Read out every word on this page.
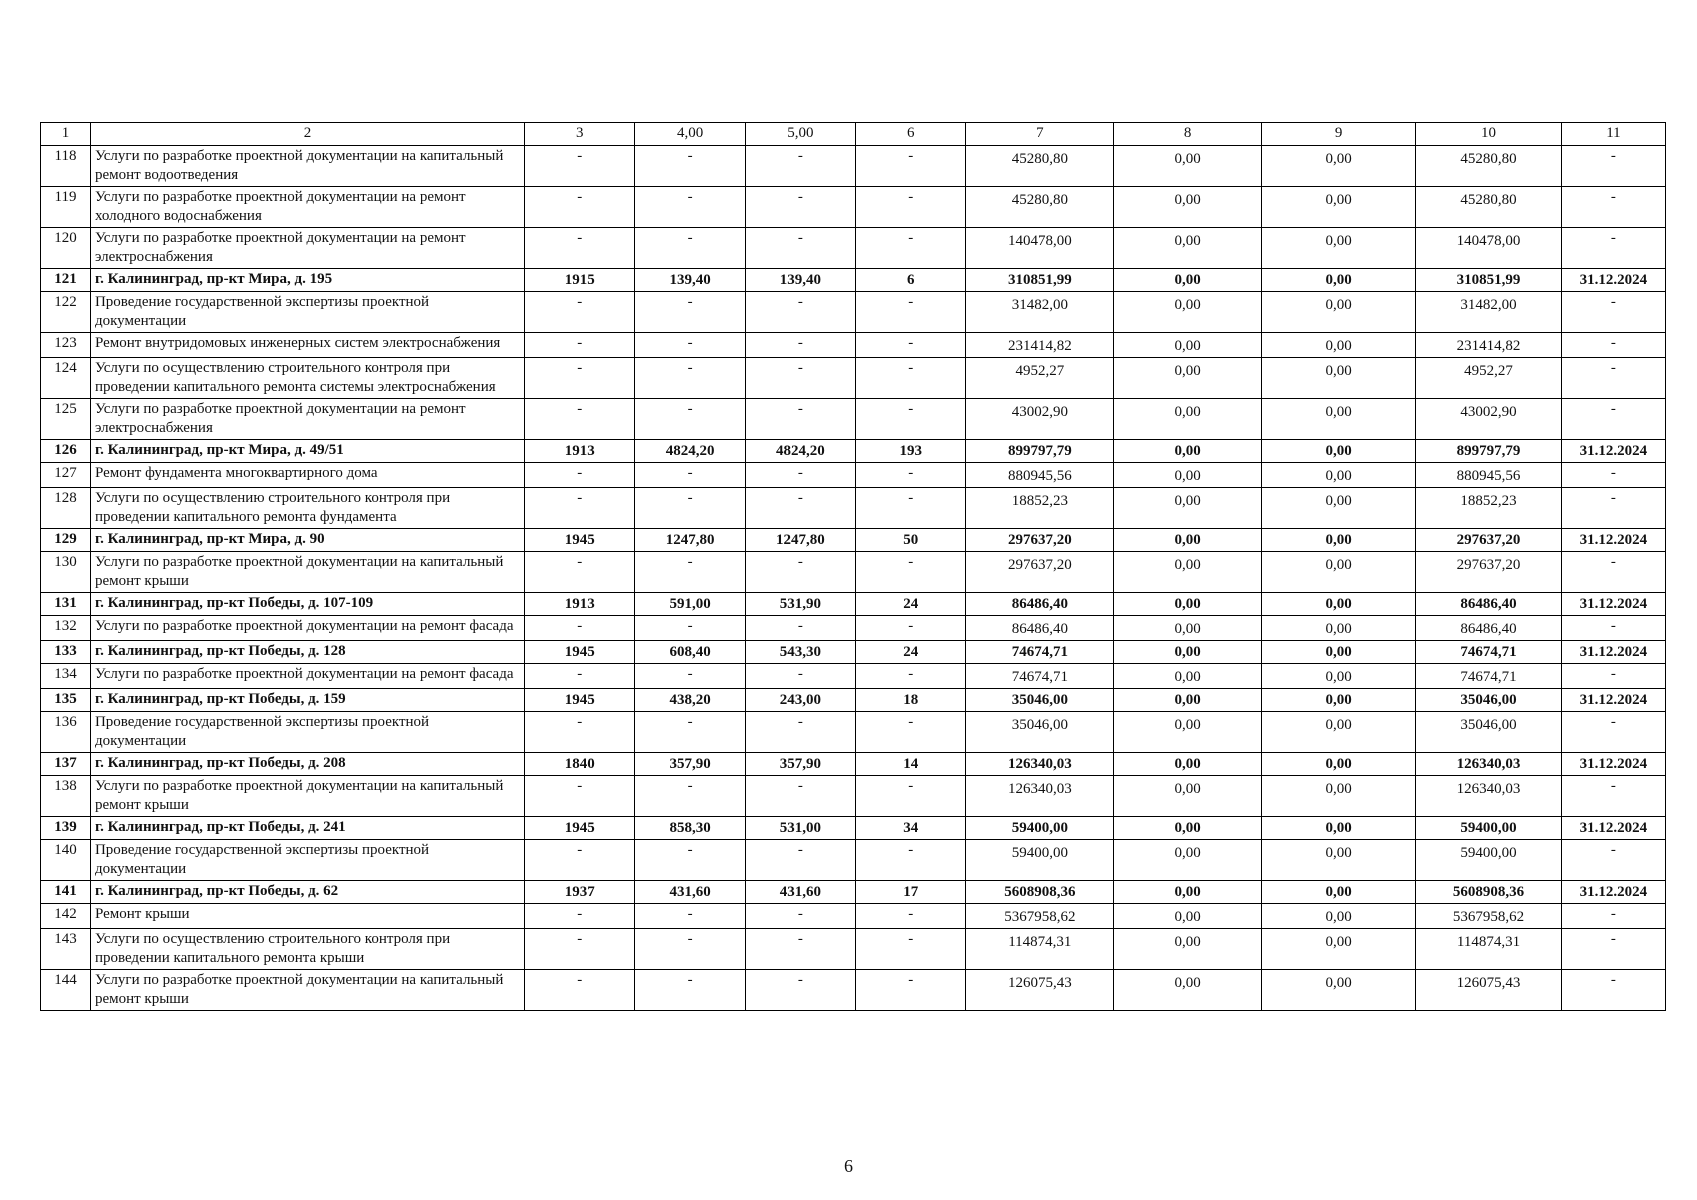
1	2	3	4,00	5,00	6	7	8	9	10	11
118	Услуги по разработке проектной документации на капитальный ремонт водоотведения	-	-	-	-	45280,80	0,00	0,00	45280,80	-
119	Услуги по разработке проектной документации на ремонт холодного водоснабжения	-	-	-	-	45280,80	0,00	0,00	45280,80	-
120	Услуги по разработке проектной документации на ремонт электроснабжения	-	-	-	-	140478,00	0,00	0,00	140478,00	-
121	г. Калининград, пр-кт Мира, д. 195	1915	139,40	139,40	6	310851,99	0,00	0,00	310851,99	31.12.2024
122	Проведение государственной экспертизы проектной документации	-	-	-	-	31482,00	0,00	0,00	31482,00	-
123	Ремонт внутридомовых инженерных систем электроснабжения	-	-	-	-	231414,82	0,00	0,00	231414,82	-
124	Услуги по осуществлению строительного контроля при проведении капитального ремонта системы электроснабжения	-	-	-	-	4952,27	0,00	0,00	4952,27	-
125	Услуги по разработке проектной документации на ремонт электроснабжения	-	-	-	-	43002,90	0,00	0,00	43002,90	-
126	г. Калининград, пр-кт Мира, д. 49/51	1913	4824,20	4824,20	193	899797,79	0,00	0,00	899797,79	31.12.2024
127	Ремонт фундамента многоквартирного дома	-	-	-	-	880945,56	0,00	0,00	880945,56	-
128	Услуги по осуществлению строительного контроля при проведении капитального ремонта фундамента	-	-	-	-	18852,23	0,00	0,00	18852,23	-
129	г. Калининград, пр-кт Мира, д. 90	1945	1247,80	1247,80	50	297637,20	0,00	0,00	297637,20	31.12.2024
130	Услуги по разработке проектной документации на капитальный ремонт крыши	-	-	-	-	297637,20	0,00	0,00	297637,20	-
131	г. Калининград, пр-кт Победы, д. 107-109	1913	591,00	531,90	24	86486,40	0,00	0,00	86486,40	31.12.2024
132	Услуги по разработке проектной документации на ремонт фасада	-	-	-	-	86486,40	0,00	0,00	86486,40	-
133	г. Калининград, пр-кт Победы, д. 128	1945	608,40	543,30	24	74674,71	0,00	0,00	74674,71	31.12.2024
134	Услуги по разработке проектной документации на ремонт фасада	-	-	-	-	74674,71	0,00	0,00	74674,71	-
135	г. Калининград, пр-кт Победы, д. 159	1945	438,20	243,00	18	35046,00	0,00	0,00	35046,00	31.12.2024
136	Проведение государственной экспертизы проектной документации	-	-	-	-	35046,00	0,00	0,00	35046,00	-
137	г. Калининград, пр-кт Победы, д. 208	1840	357,90	357,90	14	126340,03	0,00	0,00	126340,03	31.12.2024
138	Услуги по разработке проектной документации на капитальный ремонт крыши	-	-	-	-	126340,03	0,00	0,00	126340,03	-
139	г. Калининград, пр-кт Победы, д. 241	1945	858,30	531,00	34	59400,00	0,00	0,00	59400,00	31.12.2024
140	Проведение государственной экспертизы проектной документации	-	-	-	-	59400,00	0,00	0,00	59400,00	-
141	г. Калининград, пр-кт Победы, д. 62	1937	431,60	431,60	17	5608908,36	0,00	0,00	5608908,36	31.12.2024
142	Ремонт крыши	-	-	-	-	5367958,62	0,00	0,00	5367958,62	-
143	Услуги по осуществлению строительного контроля при проведении капитального ремонта крыши	-	-	-	-	114874,31	0,00	0,00	114874,31	-
144	Услуги по разработке проектной документации на капитальный ремонт крыши	-	-	-	-	126075,43	0,00	0,00	126075,43	-
6
